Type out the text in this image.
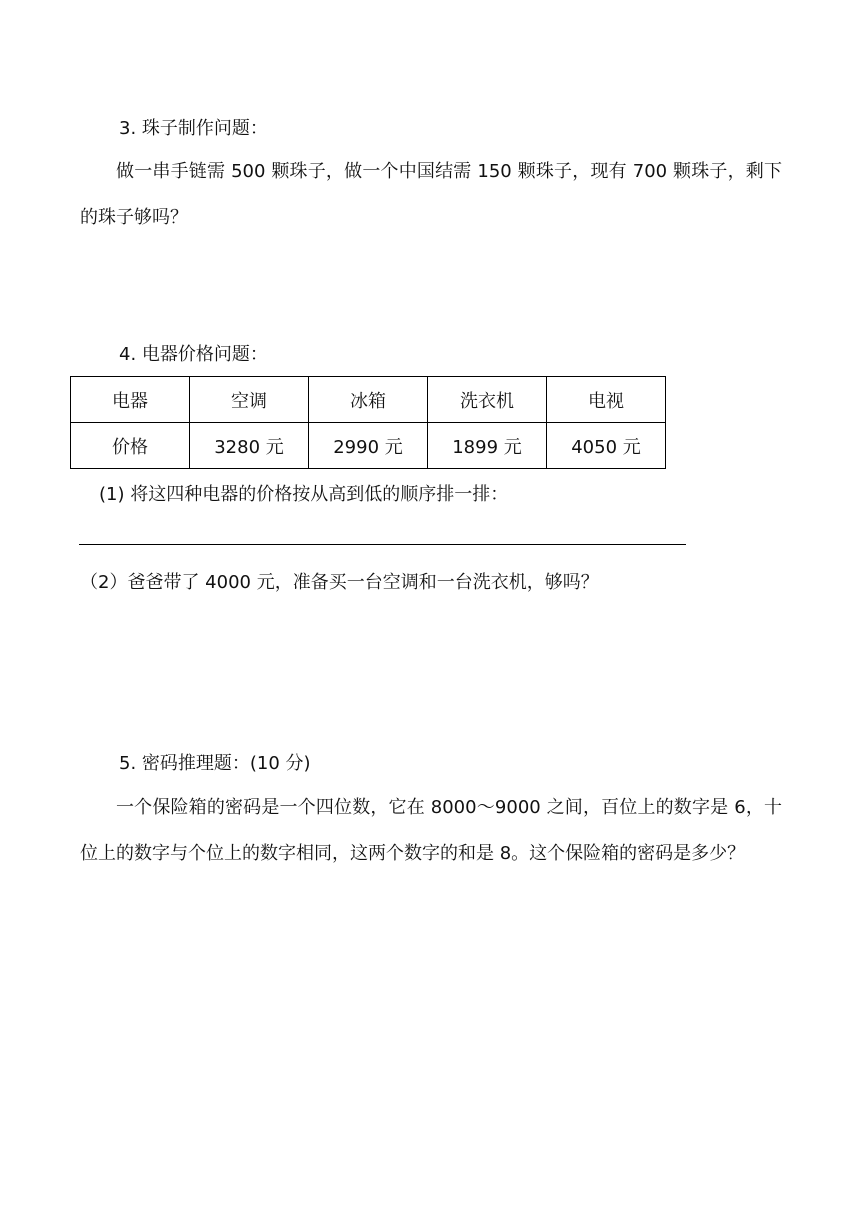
3. 珠子制作问题：
做一串手链需 500 颗珠子，做一个中国结需 150 颗珠子，现有 700 颗珠子，剩下的珠子够吗？
4. 电器价格问题：
电器	空调	冰箱	洗衣机	电视
价格	3280 元	2990 元	1899 元	4050 元
(1) 将这四种电器的价格按从高到低的顺序排一排：
（2）爸爸带了 4000 元，准备买一台空调和一台洗衣机，够吗？
5. 密码推理题：(10 分)
一个保险箱的密码是一个四位数，它在 8000～9000 之间，百位上的数字是 6，十位上的数字与个位上的数字相同，这两个数字的和是 8。这个保险箱的密码是多少？
